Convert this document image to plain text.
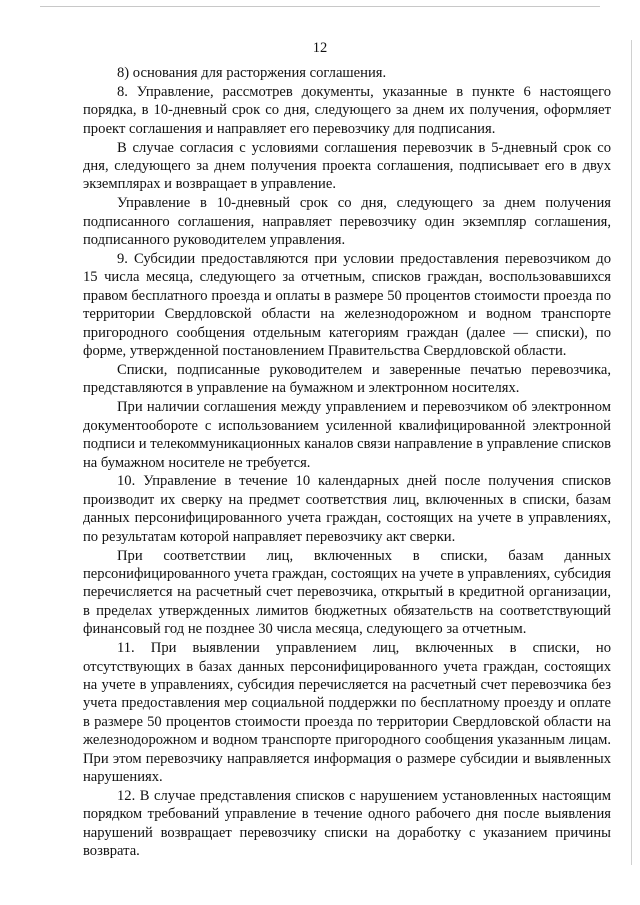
12

8) основания для расторжения соглашения.

8. Управление, рассмотрев документы, указанные в пункте 6 настоящего порядка, в 10-дневный срок со дня, следующего за днем их получения, оформляет проект соглашения и направляет его перевозчику для подписания.

В случае согласия с условиями соглашения перевозчик в 5-дневный срок со дня, следующего за днем получения проекта соглашения, подписывает его в двух экземплярах и возвращает в управление.

Управление в 10-дневный срок со дня, следующего за днем получения подписанного соглашения, направляет перевозчику один экземпляр соглашения, подписанного руководителем управления.

9. Субсидии предоставляются при условии предоставления перевозчиком до 15 числа месяца, следующего за отчетным, списков граждан, воспользовавшихся правом бесплатного проезда и оплаты в размере 50 процентов стоимости проезда по территории Свердловской области на железнодорожном и водном транспорте пригородного сообщения отдельным категориям граждан (далее — списки), по форме, утвержденной постановлением Правительства Свердловской области.

Списки, подписанные руководителем и заверенные печатью перевозчика, представляются в управление на бумажном и электронном носителях.

При наличии соглашения между управлением и перевозчиком об электронном документообороте с использованием усиленной квалифицированной электронной подписи и телекоммуникационных каналов связи направление в управление списков на бумажном носителе не требуется.

10. Управление в течение 10 календарных дней после получения списков производит их сверку на предмет соответствия лиц, включенных в списки, базам данных персонифицированного учета граждан, состоящих на учете в управлениях, по результатам которой направляет перевозчику акт сверки.

При соответствии лиц, включенных в списки, базам данных персонифицированного учета граждан, состоящих на учете в управлениях, субсидия перечисляется на расчетный счет перевозчика, открытый в кредитной организации, в пределах утвержденных лимитов бюджетных обязательств на соответствующий финансовый год не позднее 30 числа месяца, следующего за отчетным.

11. При выявлении управлением лиц, включенных в списки, но отсутствующих в базах данных персонифицированного учета граждан, состоящих на учете в управлениях, субсидия перечисляется на расчетный счет перевозчика без учета предоставления мер социальной поддержки по бесплатному проезду и оплате в размере 50 процентов стоимости проезда по территории Свердловской области на железнодорожном и водном транспорте пригородного сообщения указанным лицам. При этом перевозчику направляется информация о размере субсидии и выявленных нарушениях.

12. В случае представления списков с нарушением установленных настоящим порядком требований управление в течение одного рабочего дня после выявления нарушений возвращает перевозчику списки на доработку с указанием причины возврата.
